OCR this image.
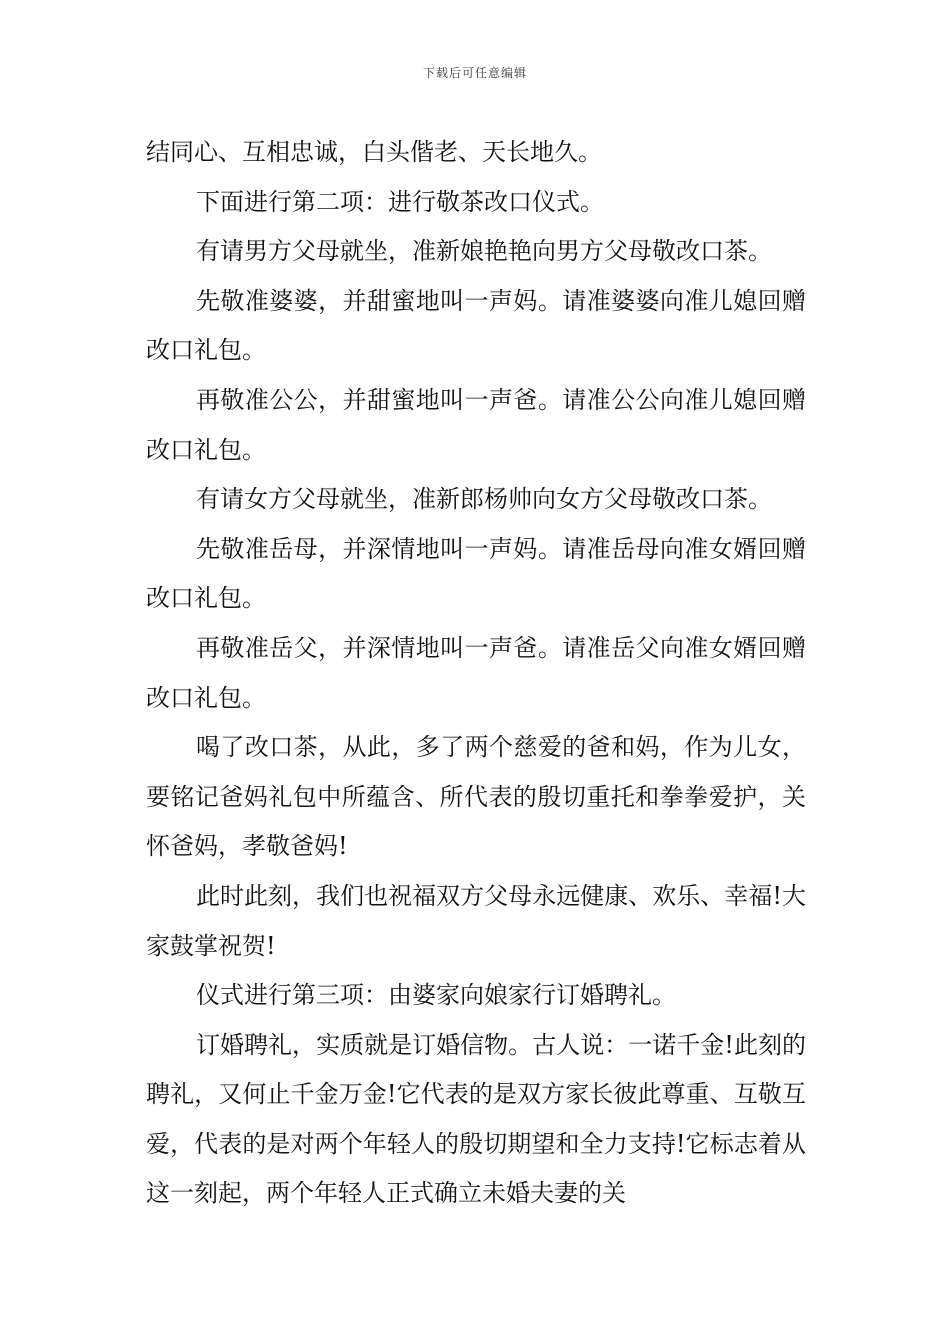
下载后可任意编辑

结同心、互相忠诚，白头偕老、天长地久。

下面进行第二项：进行敬茶改口仪式。

有请男方父母就坐，准新娘艳艳向男方父母敬改口茶。

先敬准婆婆，并甜蜜地叫一声妈。请准婆婆向准儿媳回赠改口礼包。

再敬准公公，并甜蜜地叫一声爸。请准公公向准儿媳回赠改口礼包。

有请女方父母就坐，准新郎杨帅向女方父母敬改口茶。

先敬准岳母，并深情地叫一声妈。请准岳母向准女婿回赠改口礼包。

再敬准岳父，并深情地叫一声爸。请准岳父向准女婿回赠改口礼包。

喝了改口茶，从此，多了两个慈爱的爸和妈，作为儿女，要铭记爸妈礼包中所蕴含、所代表的殷切重托和拳拳爱护，关怀爸妈，孝敬爸妈!

此时此刻，我们也祝福双方父母永远健康、欢乐、幸福!大家鼓掌祝贺!

仪式进行第三项：由婆家向娘家行订婚聘礼。

订婚聘礼，实质就是订婚信物。古人说：一诺千金!此刻的聘礼，又何止千金万金!它代表的是双方家长彼此尊重、互敬互爱，代表的是对两个年轻人的殷切期望和全力支持!它标志着从这一刻起，两个年轻人正式确立未婚夫妻的关
